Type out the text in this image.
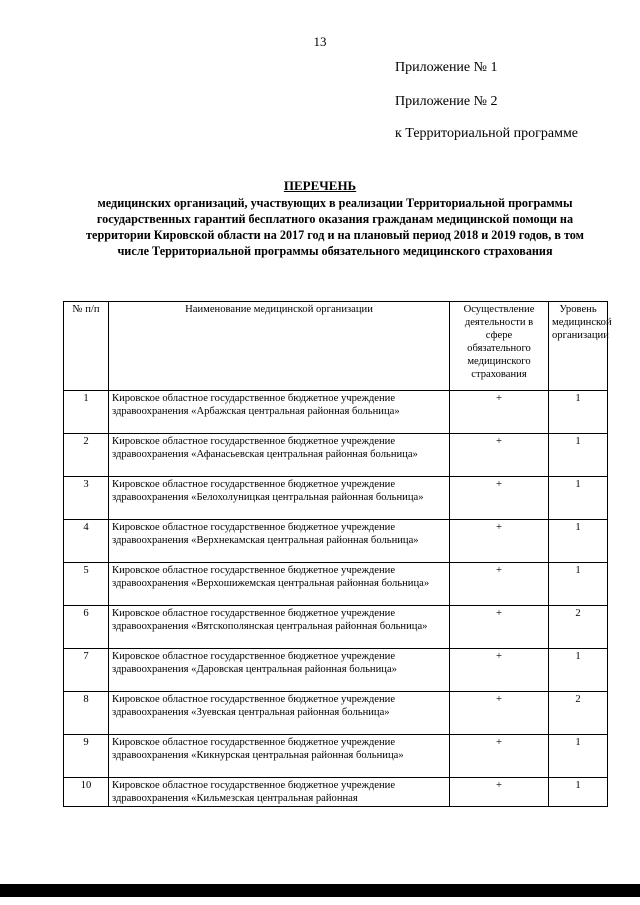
13
Приложение № 1
Приложение № 2
к Территориальной программе
ПЕРЕЧЕНЬ
медицинских организаций, участвующих в реализации Территориальной программы государственных гарантий бесплатного оказания гражданам медицинской помощи на территории Кировской области на 2017 год и на плановый период 2018 и 2019 годов, в том числе Территориальной программы обязательного медицинского страхования
№ п/п	Наименование медицинской организации	Осуществление деятельности в сфере обязательного медицинского страхования	Уровень медицинской организации
1	Кировское областное государственное бюджетное учреждение здравоохранения «Арбажская центральная районная больница»	+	1
2	Кировское областное государственное бюджетное учреждение здравоохранения «Афанасьевская центральная районная больница»	+	1
3	Кировское областное государственное бюджетное учреждение здравоохранения «Белохолуницкая центральная районная больница»	+	1
4	Кировское областное государственное бюджетное учреждение здравоохранения «Верхнекамская центральная районная больница»	+	1
5	Кировское областное государственное бюджетное учреждение здравоохранения «Верхошижемская центральная районная больница»	+	1
6	Кировское областное государственное бюджетное учреждение здравоохранения «Вятскополянская центральная районная больница»	+	2
7	Кировское областное государственное бюджетное учреждение здравоохранения «Даровская центральная районная больница»	+	1
8	Кировское областное государственное бюджетное учреждение здравоохранения «Зуевская центральная районная больница»	+	2
9	Кировское областное государственное бюджетное учреждение здравоохранения «Кикнурская центральная районная больница»	+	1
10	Кировское областное государственное бюджетное учреждение здравоохранения «Кильмезская центральная районная	+	1
